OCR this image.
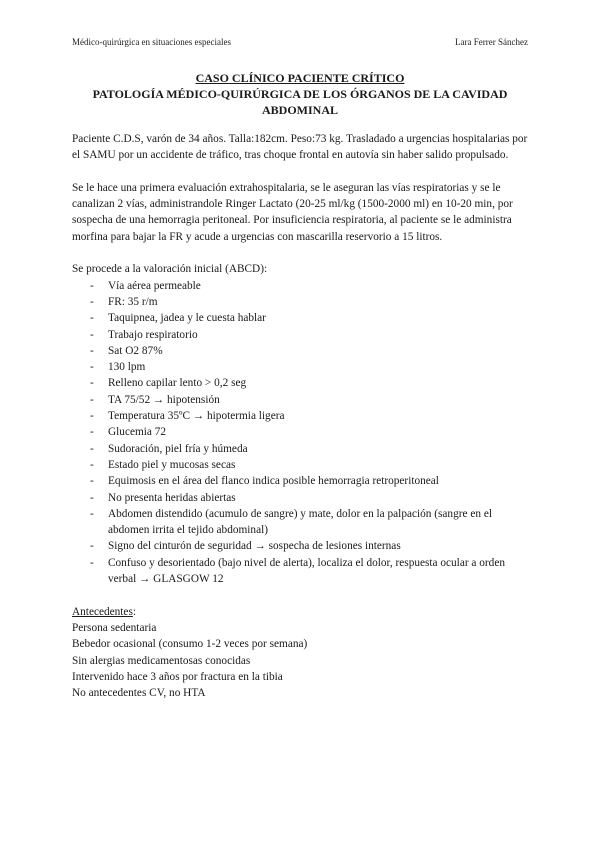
Médico-quirúrgica en situaciones especiales	Lara Ferrer Sánchez
CASO CLÍNICO PACIENTE CRÍTICO
PATOLOGÍA MÉDICO-QUIRÚRGICA DE LOS ÓRGANOS DE LA CAVIDAD ABDOMINAL

Paciente C.D.S, varón de 34 años. Talla:182cm. Peso:73 kg. Trasladado a urgencias hospitalarias por el SAMU por un accidente de tráfico, tras choque frontal en autovía sin haber salido propulsado.

Se le hace una primera evaluación extrahospitalaria, se le aseguran las vías respiratorias y se le canalizan 2 vías, administrandole Ringer Lactato (20-25 ml/kg (1500-2000 ml) en 10-20 min, por sospecha de una hemorragia peritoneal. Por insuficiencia respiratoria, al paciente se le administra morfina para bajar la FR y acude a urgencias con mascarilla reservorio a 15 litros.

Se procede a la valoración inicial (ABCD):

- Vía aérea permeable
- FR: 35 r/m
- Taquipnea, jadea y le cuesta hablar
- Trabajo respiratorio
- Sat O2 87%
- 130 lpm
- Relleno capilar lento > 0,2 seg
- TA 75/52 → hipotensión
- Temperatura 35ºC → hipotermia ligera
- Glucemia 72
- Sudoración, piel fría y húmeda
- Estado piel y mucosas secas
- Equimosis en el área del flanco indica posible hemorragia retroperitoneal
- No presenta heridas abiertas
- Abdomen distendido (acumulo de sangre) y mate, dolor en la palpación (sangre en el abdomen irrita el tejido abdominal)
- Signo del cinturón de seguridad → sospecha de lesiones internas
- Confuso y desorientado (bajo nivel de alerta), localiza el dolor, respuesta ocular a orden verbal → GLASGOW 12

Antecedentes:

Persona sedentaria

Bebedor ocasional (consumo 1-2 veces por semana)

Sin alergias medicamentosas conocidas

Intervenido hace 3 años por fractura en la tibia

No antecedentes CV, no HTA
